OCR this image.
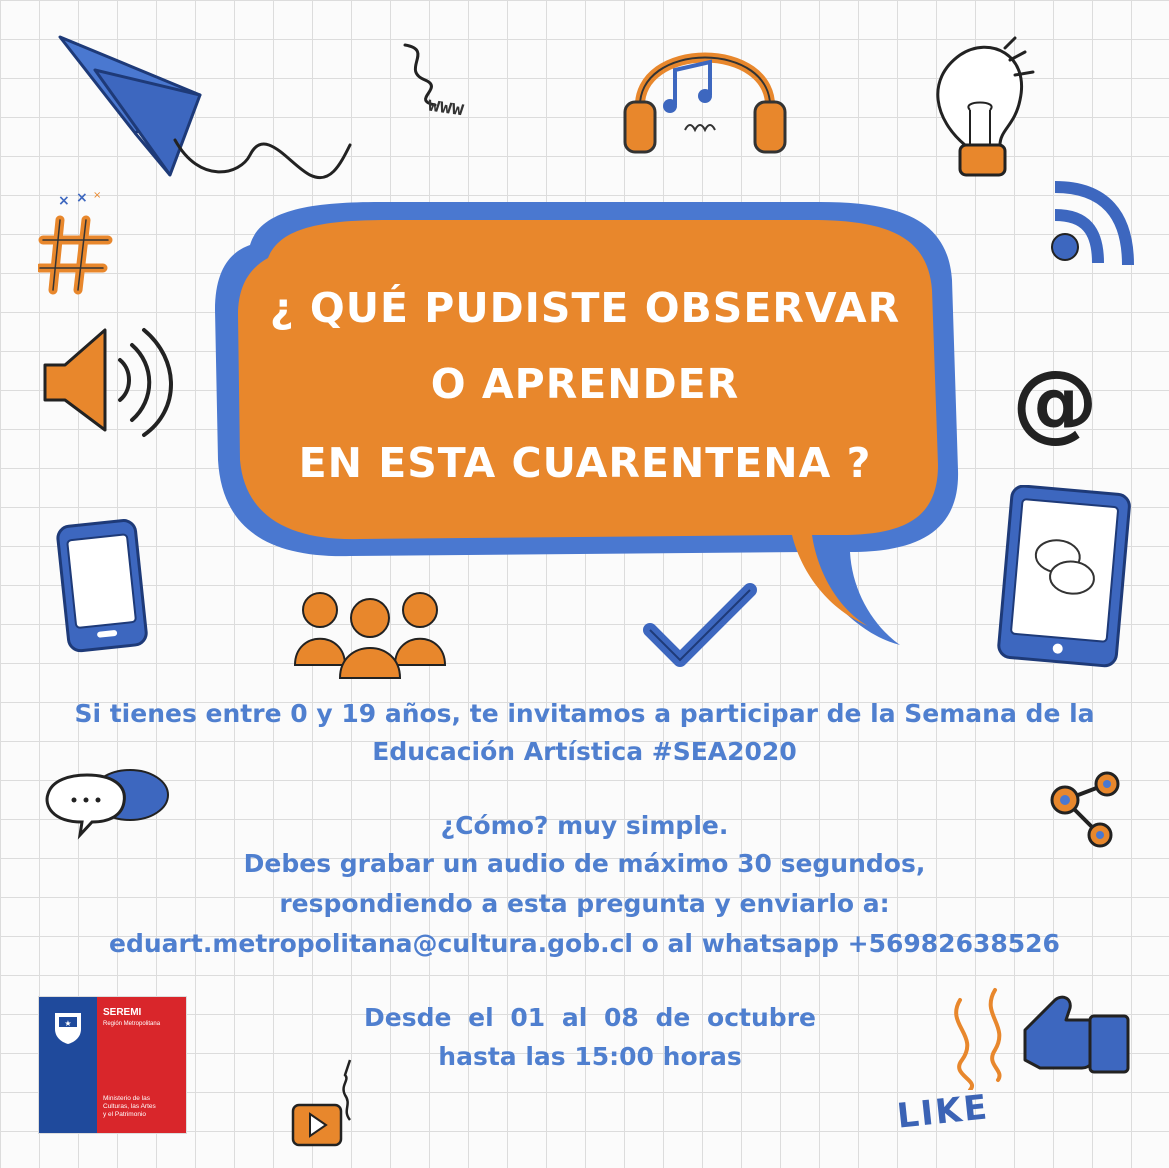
www
× × ×
@
¿ QUÉ PUDISTE OBSERVAR
O APRENDER
EN ESTA CUARENTENA ?
Si tienes entre 0 y 19 años, te invitamos a participar de la Semana de la
Educación Artística #SEA2020
¿Cómo? muy simple.
Debes grabar un audio de máximo 30 segundos,
respondiendo a esta pregunta y enviarlo a:
eduart.metropolitana@cultura.gob.cl o al whatsapp +56982638526
Desde el 01 al 08 de octubre
hasta las 15:00 horas
★
SEREMI
Región Metropolitana
Ministerio de las
Culturas, las Artes
y el Patrimonio	LIKE
